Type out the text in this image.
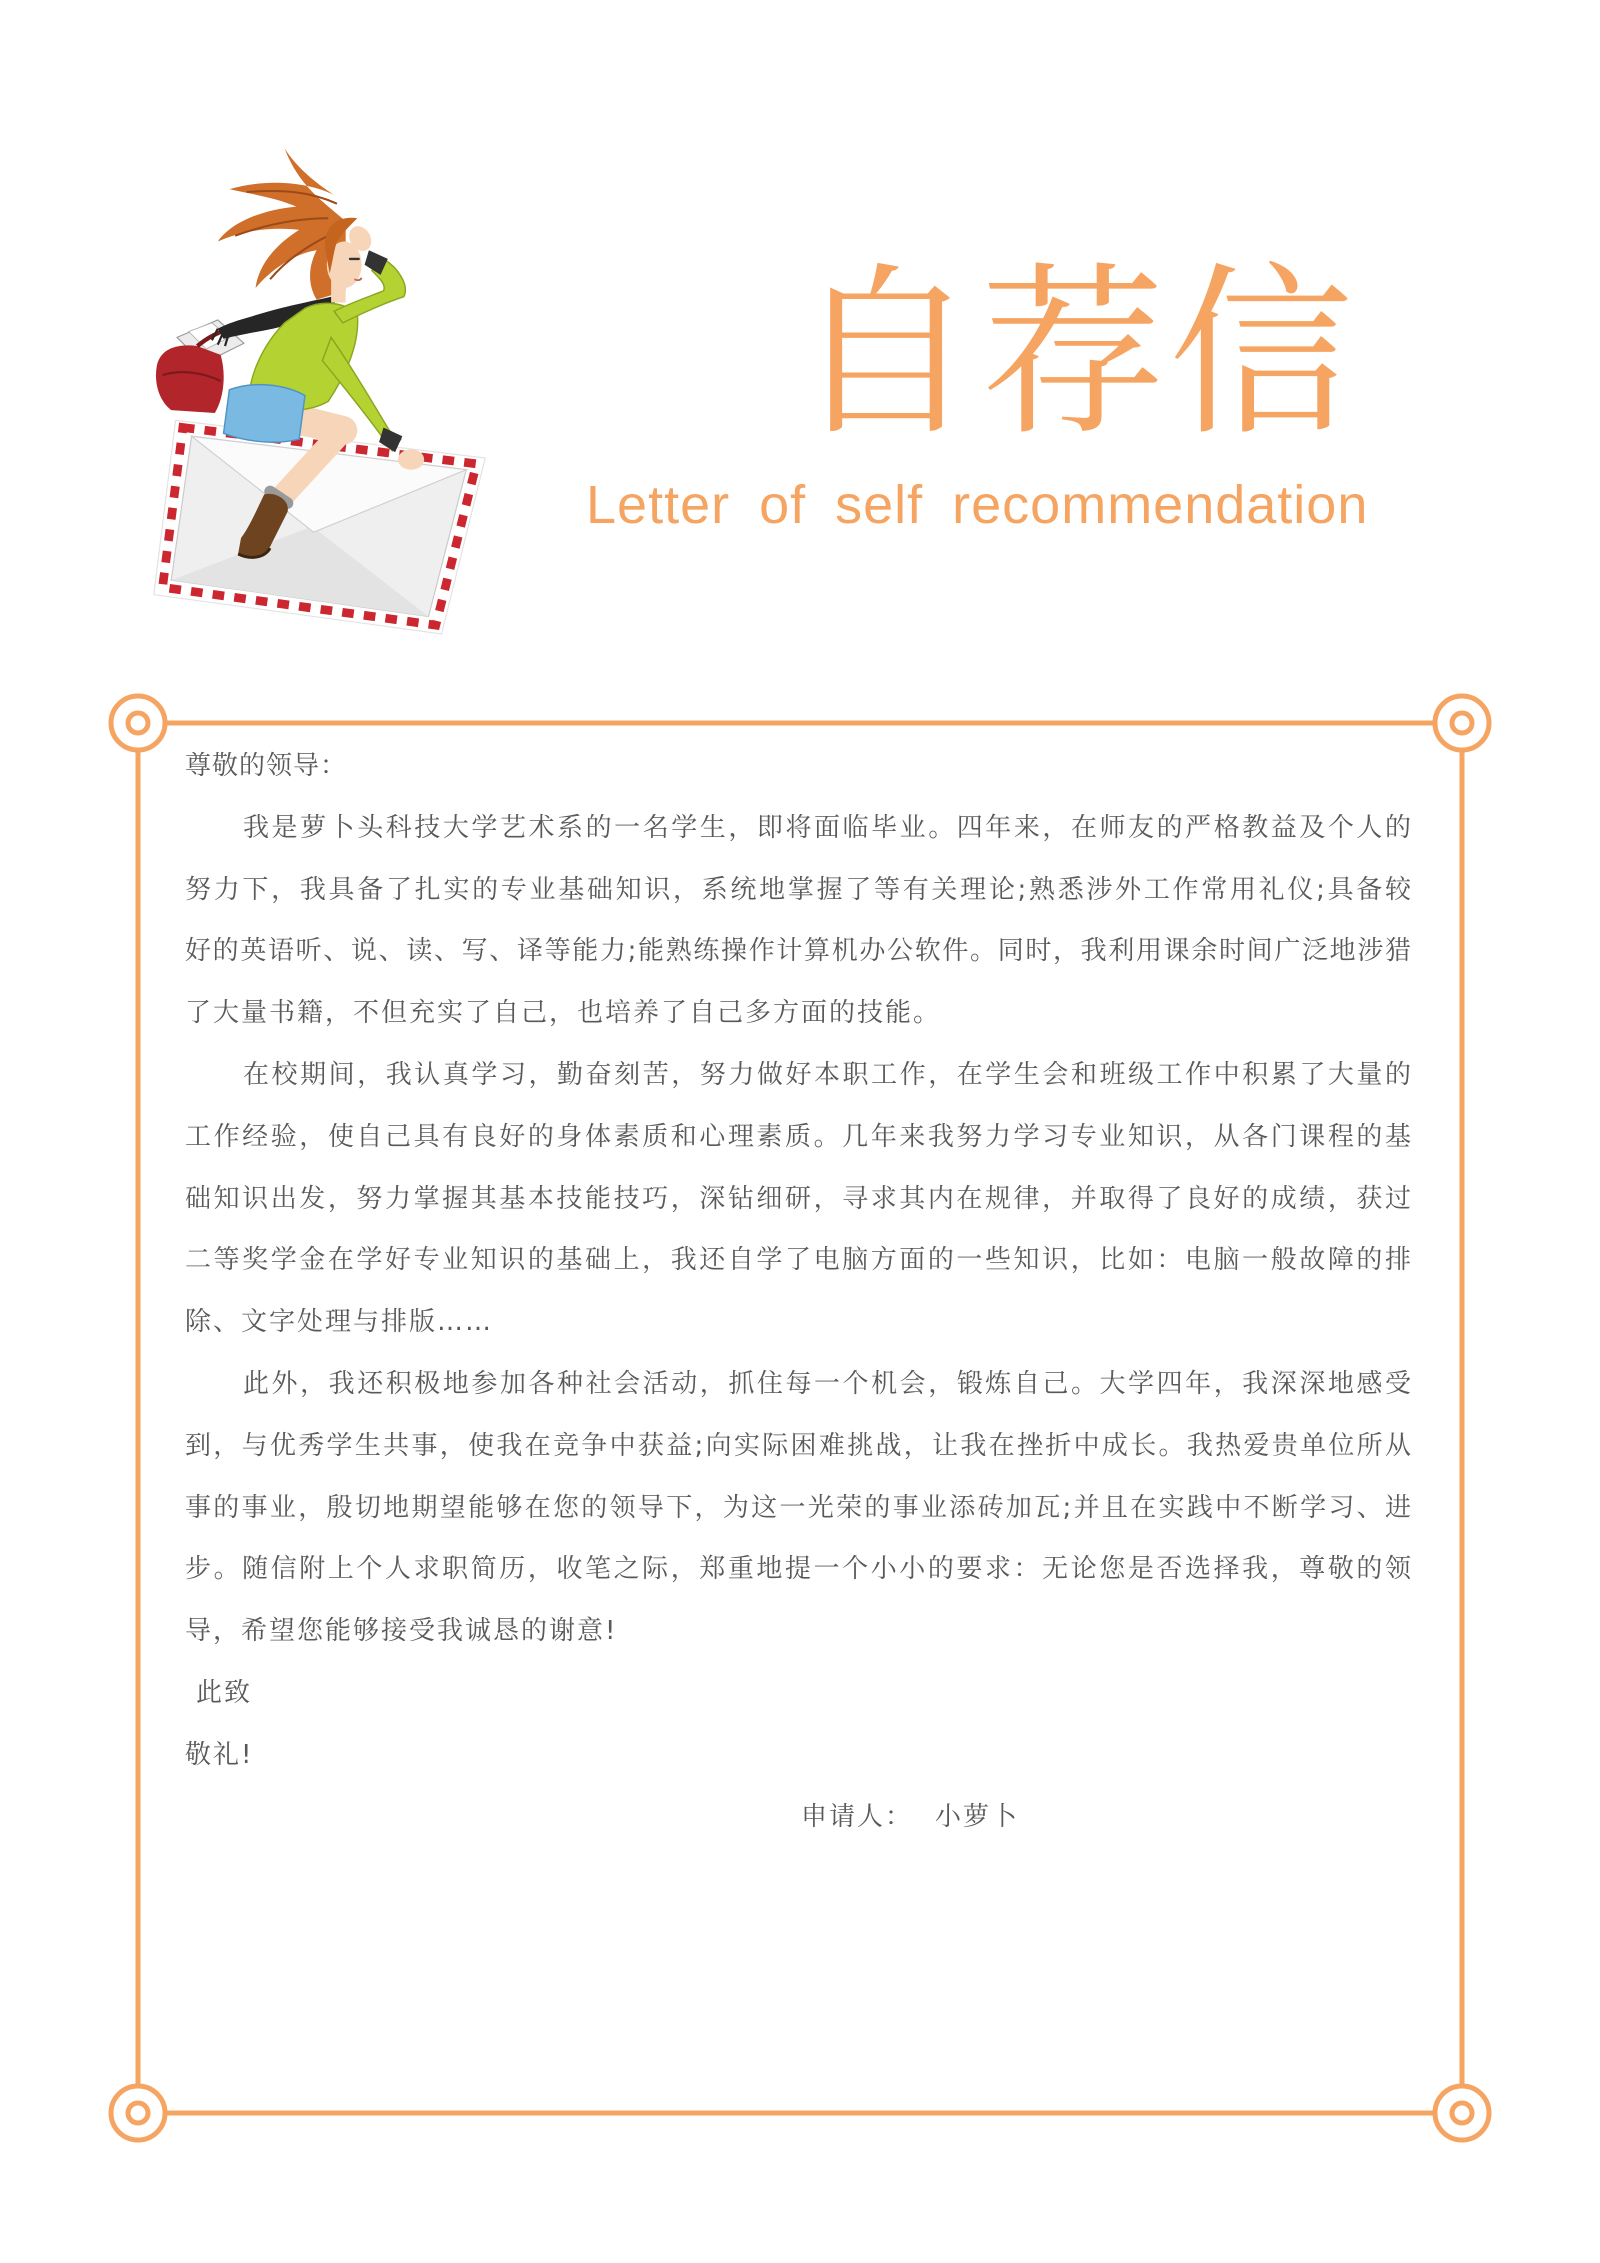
自荐信
Letter of self recommendation
尊敬的领导：
我是萝卜头科技大学艺术系的一名学生，即将面临毕业。四年来，在师友的严格教益及个人的
努力下，我具备了扎实的专业基础知识，系统地掌握了等有关理论;熟悉涉外工作常用礼仪;具备较
好的英语听、说、读、写、译等能力;能熟练操作计算机办公软件。同时，我利用课余时间广泛地涉猎
了大量书籍，不但充实了自己，也培养了自己多方面的技能。
在校期间，我认真学习，勤奋刻苦，努力做好本职工作，在学生会和班级工作中积累了大量的
工作经验，使自己具有良好的身体素质和心理素质。几年来我努力学习专业知识，从各门课程的基
础知识出发，努力掌握其基本技能技巧，深钻细研，寻求其内在规律，并取得了良好的成绩，获过
二等奖学金在学好专业知识的基础上，我还自学了电脑方面的一些知识，比如：电脑一般故障的排
除、文字处理与排版……
此外，我还积极地参加各种社会活动，抓住每一个机会，锻炼自己。大学四年，我深深地感受
到，与优秀学生共事，使我在竞争中获益;向实际困难挑战，让我在挫折中成长。我热爱贵单位所从
事的事业，殷切地期望能够在您的领导下，为这一光荣的事业添砖加瓦;并且在实践中不断学习、进
步。随信附上个人求职简历，收笔之际，郑重地提一个小小的要求：无论您是否选择我，尊敬的领
导，希望您能够接受我诚恳的谢意!
此致
敬礼!
申请人： 小萝卜
